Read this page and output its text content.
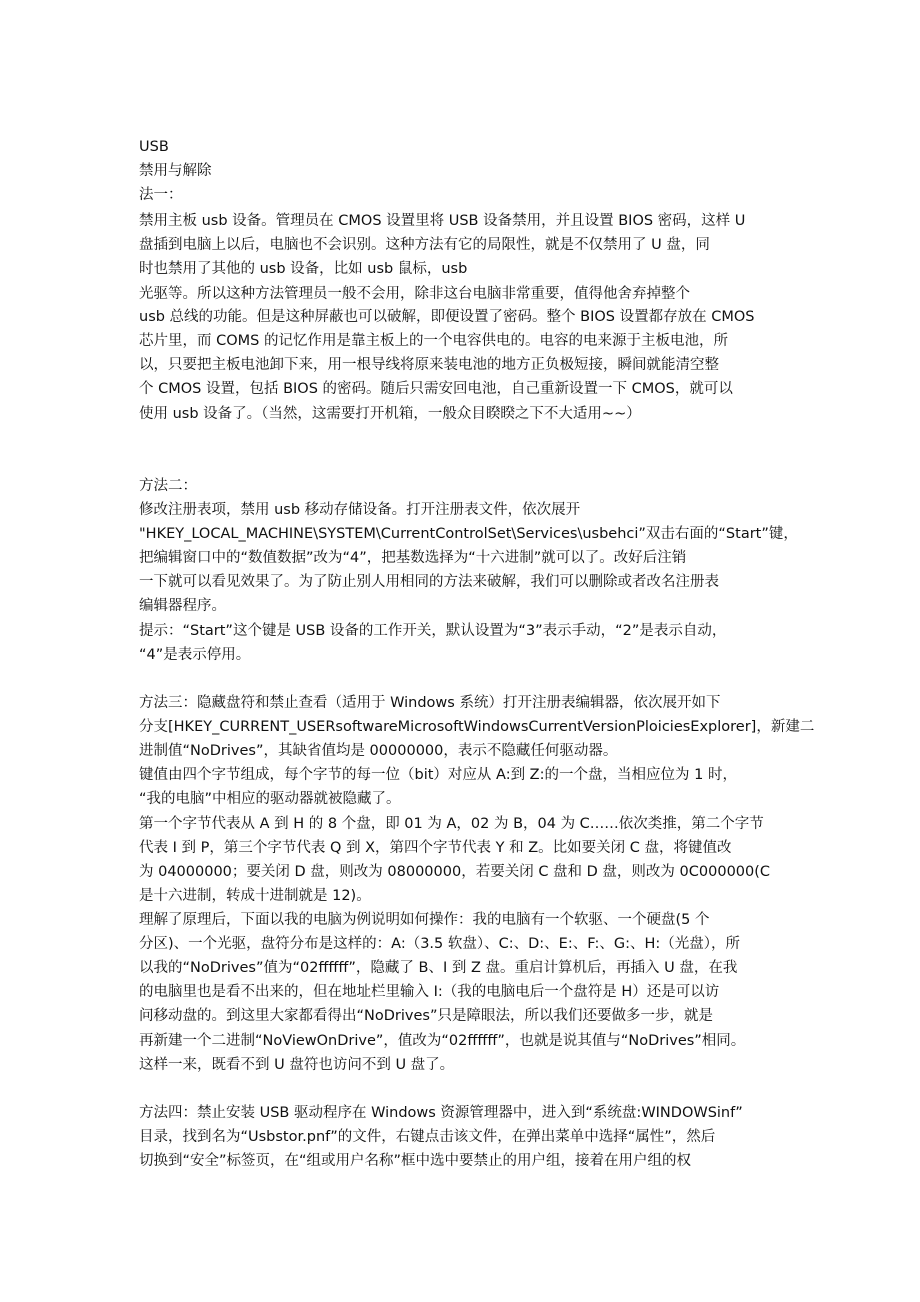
USB
禁用与解除
法一：
禁用主板 usb 设备。管理员在 CMOS 设置里将 USB 设备禁用，并且设置 BIOS 密码，这样 U
盘插到电脑上以后，电脑也不会识别。这种方法有它的局限性，就是不仅禁用了 U 盘，同
时也禁用了其他的 usb 设备，比如 usb 鼠标，usb
光驱等。所以这种方法管理员一般不会用，除非这台电脑非常重要，值得他舍弃掉整个
usb 总线的功能。但是这种屏蔽也可以破解，即便设置了密码。整个 BIOS 设置都存放在 CMOS
芯片里，而 COMS 的记忆作用是靠主板上的一个电容供电的。电容的电来源于主板电池，所
以，只要把主板电池卸下来，用一根导线将原来装电池的地方正负极短接，瞬间就能清空整
个 CMOS 设置，包括 BIOS 的密码。随后只需安回电池，自己重新设置一下 CMOS，就可以
使用 usb 设备了。（当然，这需要打开机箱，一般众目睽睽之下不大适用~~）
方法二：
修改注册表项，禁用 usb 移动存储设备。打开注册表文件，依次展开
"HKEY_LOCAL_MACHINE\SYSTEM\CurrentControlSet\Services\usbehci”双击右面的“Start”键，
把编辑窗口中的“数值数据”改为“4”，把基数选择为“十六进制”就可以了。改好后注销
一下就可以看见效果了。为了防止别人用相同的方法来破解，我们可以删除或者改名注册表
编辑器程序。
提示：“Start”这个键是 USB 设备的工作开关，默认设置为“3”表示手动，“2”是表示自动，
“4”是表示停用。
方法三：隐藏盘符和禁止查看（适用于 Windows 系统）打开注册表编辑器，依次展开如下
分支[HKEY_CURRENT_USERsoftwareMicrosoftWindowsCurrentVersionPloiciesExplorer]，新建二
进制值“NoDrives”，其缺省值均是 00000000，表示不隐藏任何驱动器。
键值由四个字节组成，每个字节的每一位（bit）对应从 A:到 Z:的一个盘，当相应位为 1 时，
“我的电脑”中相应的驱动器就被隐藏了。
第一个字节代表从 A 到 H 的 8 个盘，即 01 为 A，02 为 B，04 为 C……依次类推，第二个字节
代表 I 到 P，第三个字节代表 Q 到 X，第四个字节代表 Y 和 Z。比如要关闭 C 盘，将键值改
为 04000000；要关闭 D 盘，则改为 08000000，若要关闭 C 盘和 D 盘，则改为 0C000000(C
是十六进制，转成十进制就是 12)。
理解了原理后，下面以我的电脑为例说明如何操作：我的电脑有一个软驱、一个硬盘(5 个
分区)、一个光驱，盘符分布是这样的：A:（3.5 软盘）、C:、D:、E:、F:、G:、H:（光盘），所
以我的“NoDrives”值为“02ffffff”，隐藏了 B、I 到 Z 盘。重启计算机后，再插入 U 盘，在我
的电脑里也是看不出来的，但在地址栏里输入 I:（我的电脑电后一个盘符是 H）还是可以访
问移动盘的。到这里大家都看得出“NoDrives”只是障眼法，所以我们还要做多一步，就是
再新建一个二进制“NoViewOnDrive”，值改为“02ffffff”，也就是说其值与“NoDrives”相同。
这样一来，既看不到 U 盘符也访问不到 U 盘了。
方法四：禁止安装 USB 驱动程序在 Windows 资源管理器中，进入到“系统盘:WINDOWSinf”
目录，找到名为“Usbstor.pnf”的文件，右键点击该文件，在弹出菜单中选择“属性”，然后
切换到“安全”标签页，在“组或用户名称”框中选中要禁止的用户组，接着在用户组的权
